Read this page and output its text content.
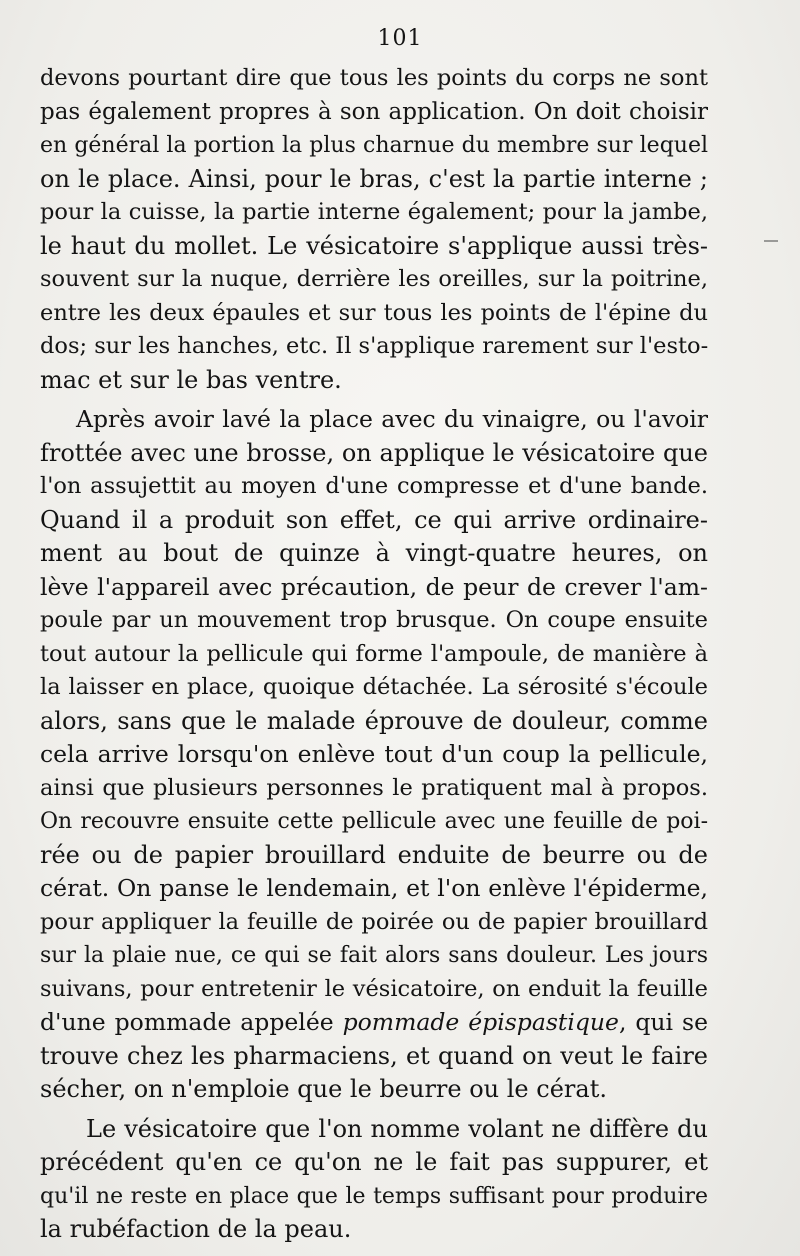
101
devons pourtant dire que tous les points du corps ne sont
pas également propres à son application. On doit choisir
en général la portion la plus charnue du membre sur lequel
on le place. Ainsi, pour le bras, c'est la partie interne ;
pour la cuisse, la partie interne également; pour la jambe,
le haut du mollet. Le vésicatoire s'applique aussi très-
souvent sur la nuque, derrière les oreilles, sur la poitrine,
entre les deux épaules et sur tous les points de l'épine du
dos; sur les hanches, etc. Il s'applique rarement sur l'esto-
mac et sur le bas ventre.
Après avoir lavé la place avec du vinaigre, ou l'avoir
frottée avec une brosse, on applique le vésicatoire que
l'on assujettit au moyen d'une compresse et d'une bande.
Quand il a produit son effet, ce qui arrive ordinaire-
ment au bout de quinze à vingt-quatre heures, on
lève l'appareil avec précaution, de peur de crever l'am-
poule par un mouvement trop brusque. On coupe ensuite
tout autour la pellicule qui forme l'ampoule, de manière à
la laisser en place, quoique détachée. La sérosité s'écoule
alors, sans que le malade éprouve de douleur, comme
cela arrive lorsqu'on enlève tout d'un coup la pellicule,
ainsi que plusieurs personnes le pratiquent mal à propos.
On recouvre ensuite cette pellicule avec une feuille de poi-
rée ou de papier brouillard enduite de beurre ou de
cérat. On panse le lendemain, et l'on enlève l'épiderme,
pour appliquer la feuille de poirée ou de papier brouillard
sur la plaie nue, ce qui se fait alors sans douleur. Les jours
suivans, pour entretenir le vésicatoire, on enduit la feuille
d'une pommade appelée pommade épispastique, qui se
trouve chez les pharmaciens, et quand on veut le faire
sécher, on n'emploie que le beurre ou le cérat.
Le vésicatoire que l'on nomme volant ne diffère du
précédent qu'en ce qu'on ne le fait pas suppurer, et
qu'il ne reste en place que le temps suffisant pour produire
la rubéfaction de la peau.
